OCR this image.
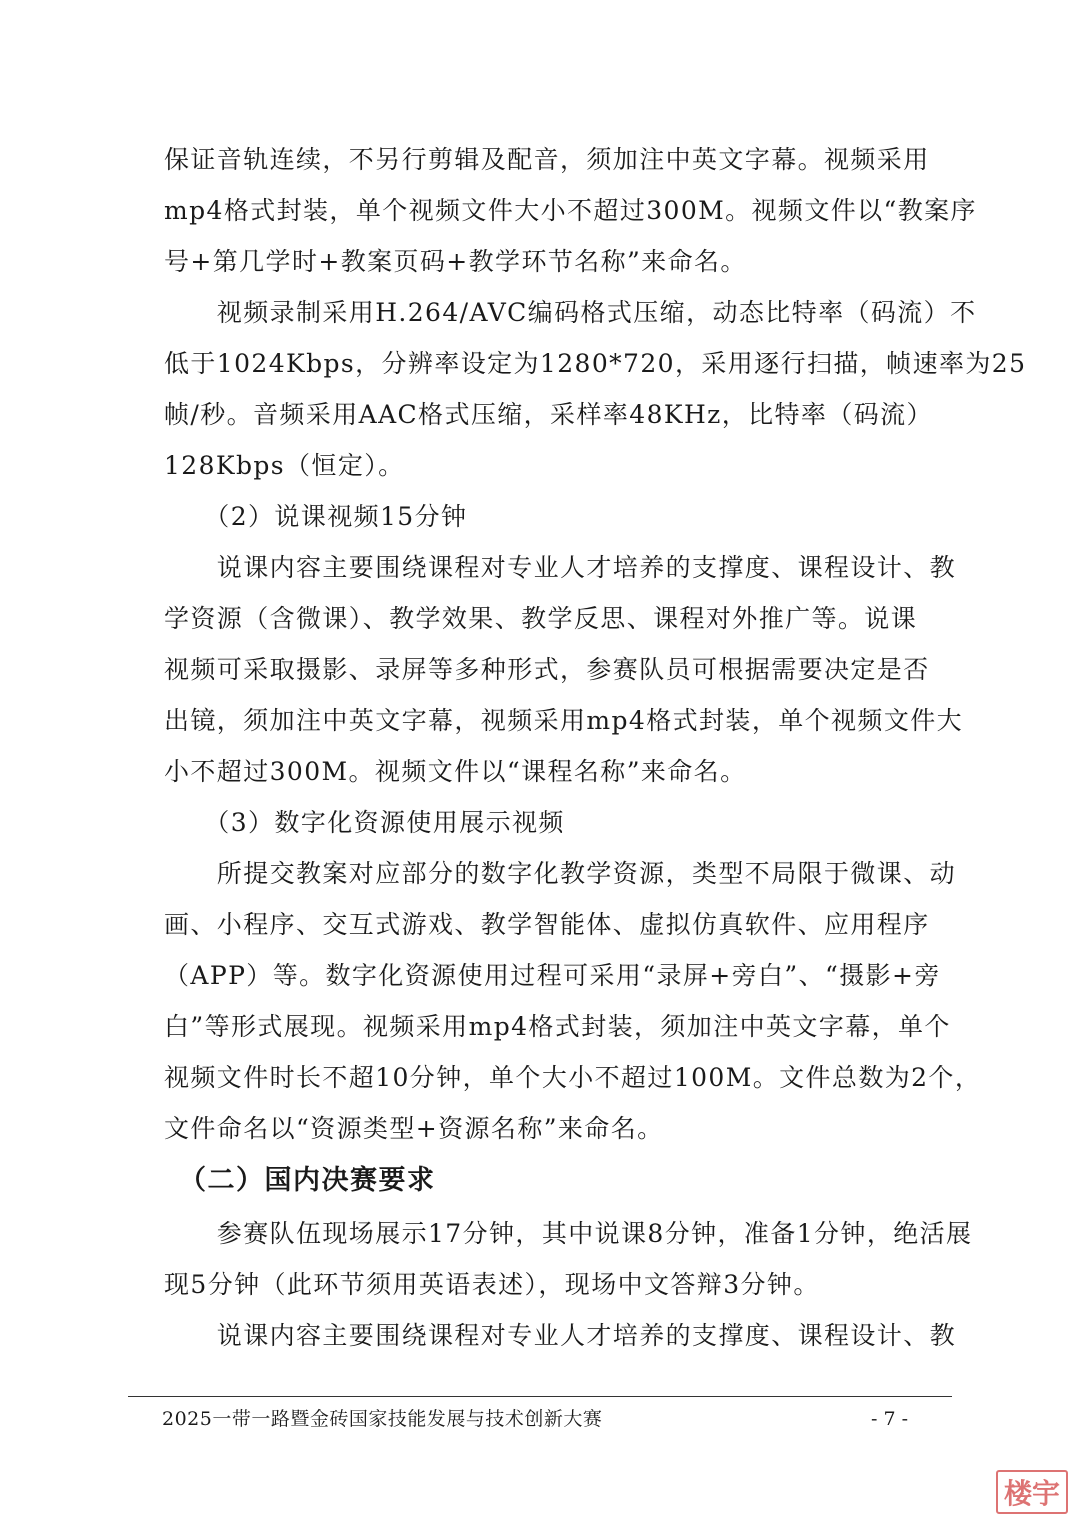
保证音轨连续，不另行剪辑及配音，须加注中英文字幕。视频采用
mp4格式封装，单个视频文件大小不超过300M。视频文件以“教案序
号+第几学时+教案页码+教学环节名称”来命名。
　　视频录制采用H.264/AVC编码格式压缩，动态比特率（码流）不
低于1024Kbps，分辨率设定为1280*720，采用逐行扫描，帧速率为25
帧/秒。音频采用AAC格式压缩，采样率48KHz，比特率（码流）
128Kbps（恒定）。
　　（2）说课视频15分钟
　　说课内容主要围绕课程对专业人才培养的支撑度、课程设计、教
学资源（含微课）、教学效果、教学反思、课程对外推广等。说课
视频可采取摄影、录屏等多种形式，参赛队员可根据需要决定是否
出镜，须加注中英文字幕，视频采用mp4格式封装，单个视频文件大
小不超过300M。视频文件以“课程名称”来命名。
　　（3）数字化资源使用展示视频
　　所提交教案对应部分的数字化教学资源，类型不局限于微课、动
画、小程序、交互式游戏、教学智能体、虚拟仿真软件、应用程序
（APP）等。数字化资源使用过程可采用“录屏+旁白”、“摄影+旁
白”等形式展现。视频采用mp4格式封装，须加注中英文字幕，单个
视频文件时长不超10分钟，单个大小不超过100M。文件总数为2个，
文件命名以“资源类型+资源名称”来命名。
　（二）国内决赛要求
　　参赛队伍现场展示17分钟，其中说课8分钟，准备1分钟，绝活展
现5分钟（此环节须用英语表述），现场中文答辩3分钟。
　　说课内容主要围绕课程对专业人才培养的支撑度、课程设计、教
2025一带一路暨金砖国家技能发展与技术创新大赛	- 7 -
楼宇
